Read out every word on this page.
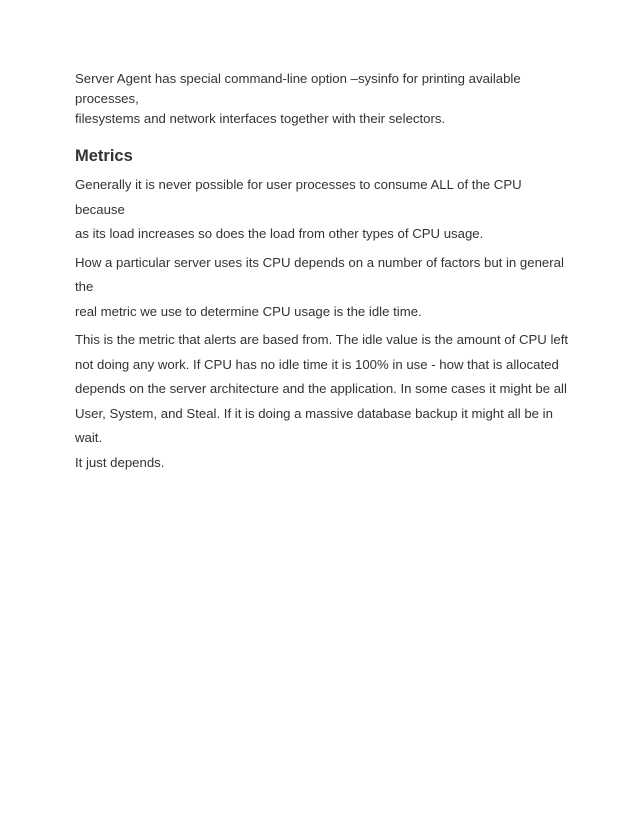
Server Agent has special command-line option –sysinfo for printing available processes,
filesystems and network interfaces together with their selectors.

Metrics

Generally it is never possible for user processes to consume ALL of the CPU because
as its load increases so does the load from other types of CPU usage.

How a particular server uses its CPU depends on a number of factors but in general the
real metric we use to determine CPU usage is the idle time.

This is the metric that alerts are based from. The idle value is the amount of CPU left
not doing any work. If CPU has no idle time it is 100% in use - how that is allocated
depends on the server architecture and the application. In some cases it might be all
User, System, and Steal. If it is doing a massive database backup it might all be in wait.
It just depends.
